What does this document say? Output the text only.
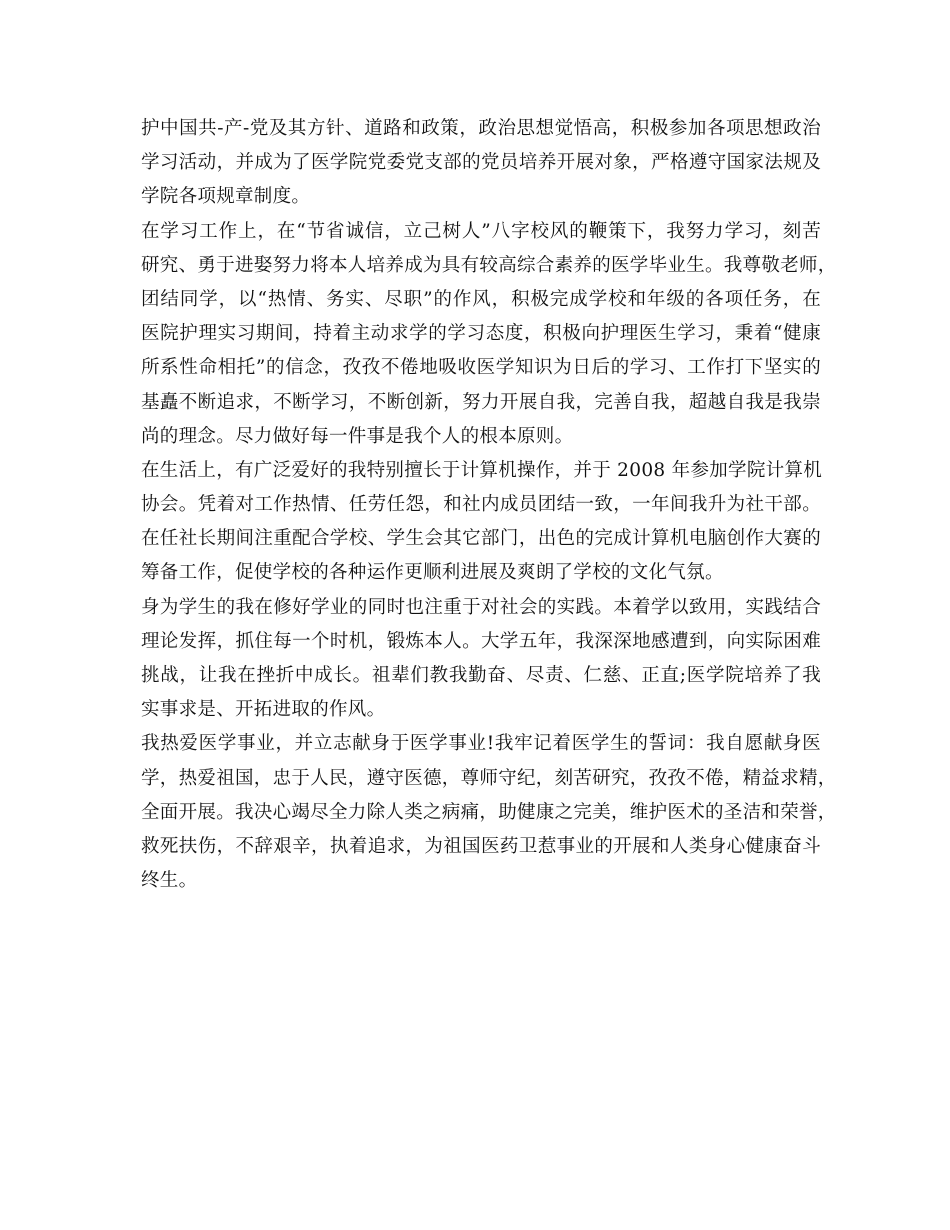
护中国共-产-党及其方针、道路和政策，政治思想觉悟高，积极参加各项思想政治
学习活动，并成为了医学院党委党支部的党员培养开展对象，严格遵守国家法规及
学院各项规章制度。
在学习工作上，在“节省诚信，立己树人”八字校风的鞭策下，我努力学习，刻苦
研究、勇于进娶努力将本人培养成为具有较高综合素养的医学毕业生。我尊敬老师，
团结同学，以“热情、务实、尽职”的作风，积极完成学校和年级的各项任务，在
医院护理实习期间，持着主动求学的学习态度，积极向护理医生学习，秉着“健康
所系性命相托”的信念，孜孜不倦地吸收医学知识为日后的学习、工作打下坚实的
基矗不断追求，不断学习，不断创新，努力开展自我，完善自我，超越自我是我崇
尚的理念。尽力做好每一件事是我个人的根本原则。
在生活上，有广泛爱好的我特别擅长于计算机操作，并于 2008 年参加学院计算机
协会。凭着对工作热情、任劳任怨，和社内成员团结一致，一年间我升为社干部。
在任社长期间注重配合学校、学生会其它部门，出色的完成计算机电脑创作大赛的
筹备工作，促使学校的各种运作更顺利进展及爽朗了学校的文化气氛。
身为学生的我在修好学业的同时也注重于对社会的实践。本着学以致用，实践结合
理论发挥，抓住每一个时机，锻炼本人。大学五年，我深深地感遭到，向实际困难
挑战，让我在挫折中成长。祖辈们教我勤奋、尽责、仁慈、正直;医学院培养了我
实事求是、开拓进取的作风。
我热爱医学事业，并立志献身于医学事业!我牢记着医学生的誓词：我自愿献身医
学，热爱祖国，忠于人民，遵守医德，尊师守纪，刻苦研究，孜孜不倦，精益求精，
全面开展。我决心竭尽全力除人类之病痛，助健康之完美，维护医术的圣洁和荣誉，
救死扶伤，不辞艰辛，执着追求，为祖国医药卫惹事业的开展和人类身心健康奋斗
终生。
